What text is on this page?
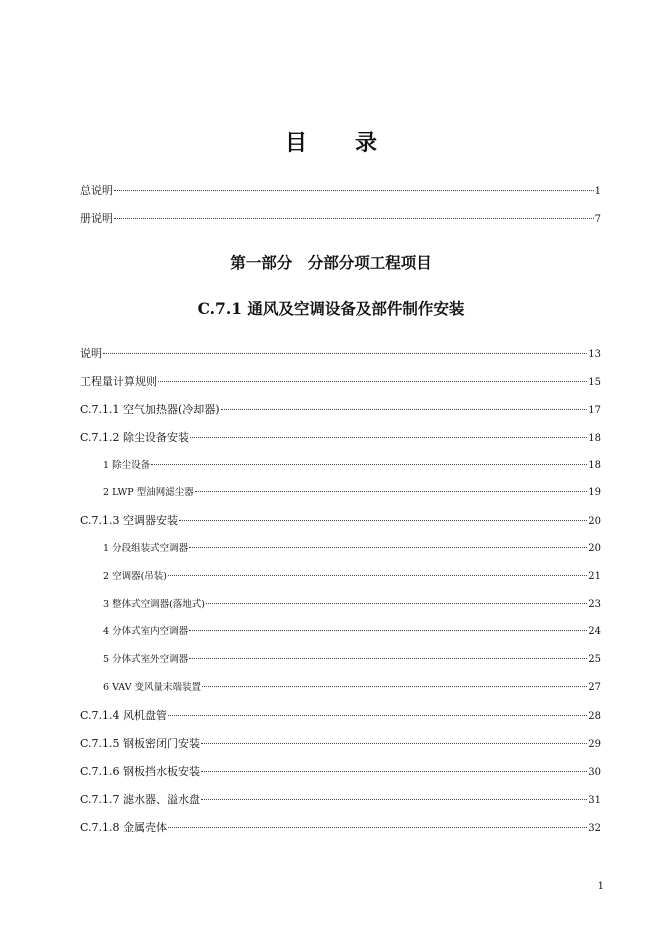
目录
总说明	1
册说明	7
第一部分　分部分项工程项目
C.7.1 通风及空调设备及部件制作安装
说明	13
工程量计算规则	15
C.7.1.1 空气加热器(冷却器)	17
C.7.1.2 除尘设备安装	18
1 除尘设备	18
2 LWP 型油网滤尘器	19
C.7.1.3 空调器安装	20
1 分段组装式空调器	20
2 空调器(吊装)	21
3 整体式空调器(落地式)	23
4 分体式室内空调器	24
5 分体式室外空调器	25
6 VAV 变风量末端装置	27
C.7.1.4 风机盘管	28
C.7.1.5 钢板密闭门安装	29
C.7.1.6 钢板挡水板安装	30
C.7.1.7 滤水器、溢水盘	31
C.7.1.8 金属壳体	32
1
